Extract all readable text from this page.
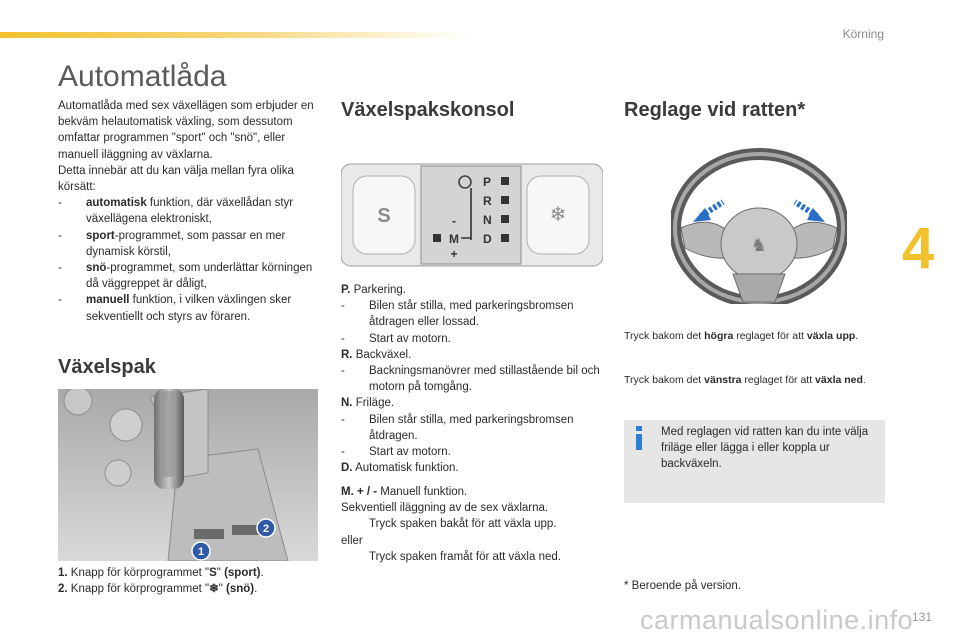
Körning
4
Automatlåda
Automatlåda med sex växellägen som erbjuder en bekväm helautomatisk växling, som dessutom omfattar programmen "sport" och "snö", eller manuell iläggning av växlarna.
Detta innebär att du kan välja mellan fyra olika körsätt:
-	automatisk funktion, där växellådan styr växellägena elektroniskt,
-	sport-programmet, som passar en mer dynamisk körstil,
-	snö-programmet, som underlättar körningen då väggreppet är dåligt,
-	manuell funktion, i vilken växlingen sker sekventiellt och styrs av föraren.
Växelspak
1
2
1. Knapp för körprogrammet "S" (sport).
2. Knapp för körprogrammet "❄" (snö).
Växelspakskonsol
S	❄
P
R
N
D
-
M
+
P. Parkering.
-	Bilen står stilla, med parkeringsbromsen åtdragen eller lossad.
-	Start av motorn.
R. Backväxel.
-	Backningsmanövrer med stillastående bil och motorn på tomgång.
N. Friläge.
-	Bilen står stilla, med parkeringsbromsen åtdragen.
-	Start av motorn.
D. Automatisk funktion.
M. + / - Manuell funktion.
Sekventiell iläggning av de sex växlarna.
Tryck spaken bakåt för att växla upp.
eller
Tryck spaken framåt för att växla ned.
Reglage vid ratten*
♞
Tryck bakom det högra reglaget för att växla upp.
Tryck bakom det vänstra reglaget för att växla ned.
Med reglagen vid ratten kan du inte välja friläge eller lägga i eller koppla ur backväxeln.
* Beroende på version.
carmanualsonline.info
131
